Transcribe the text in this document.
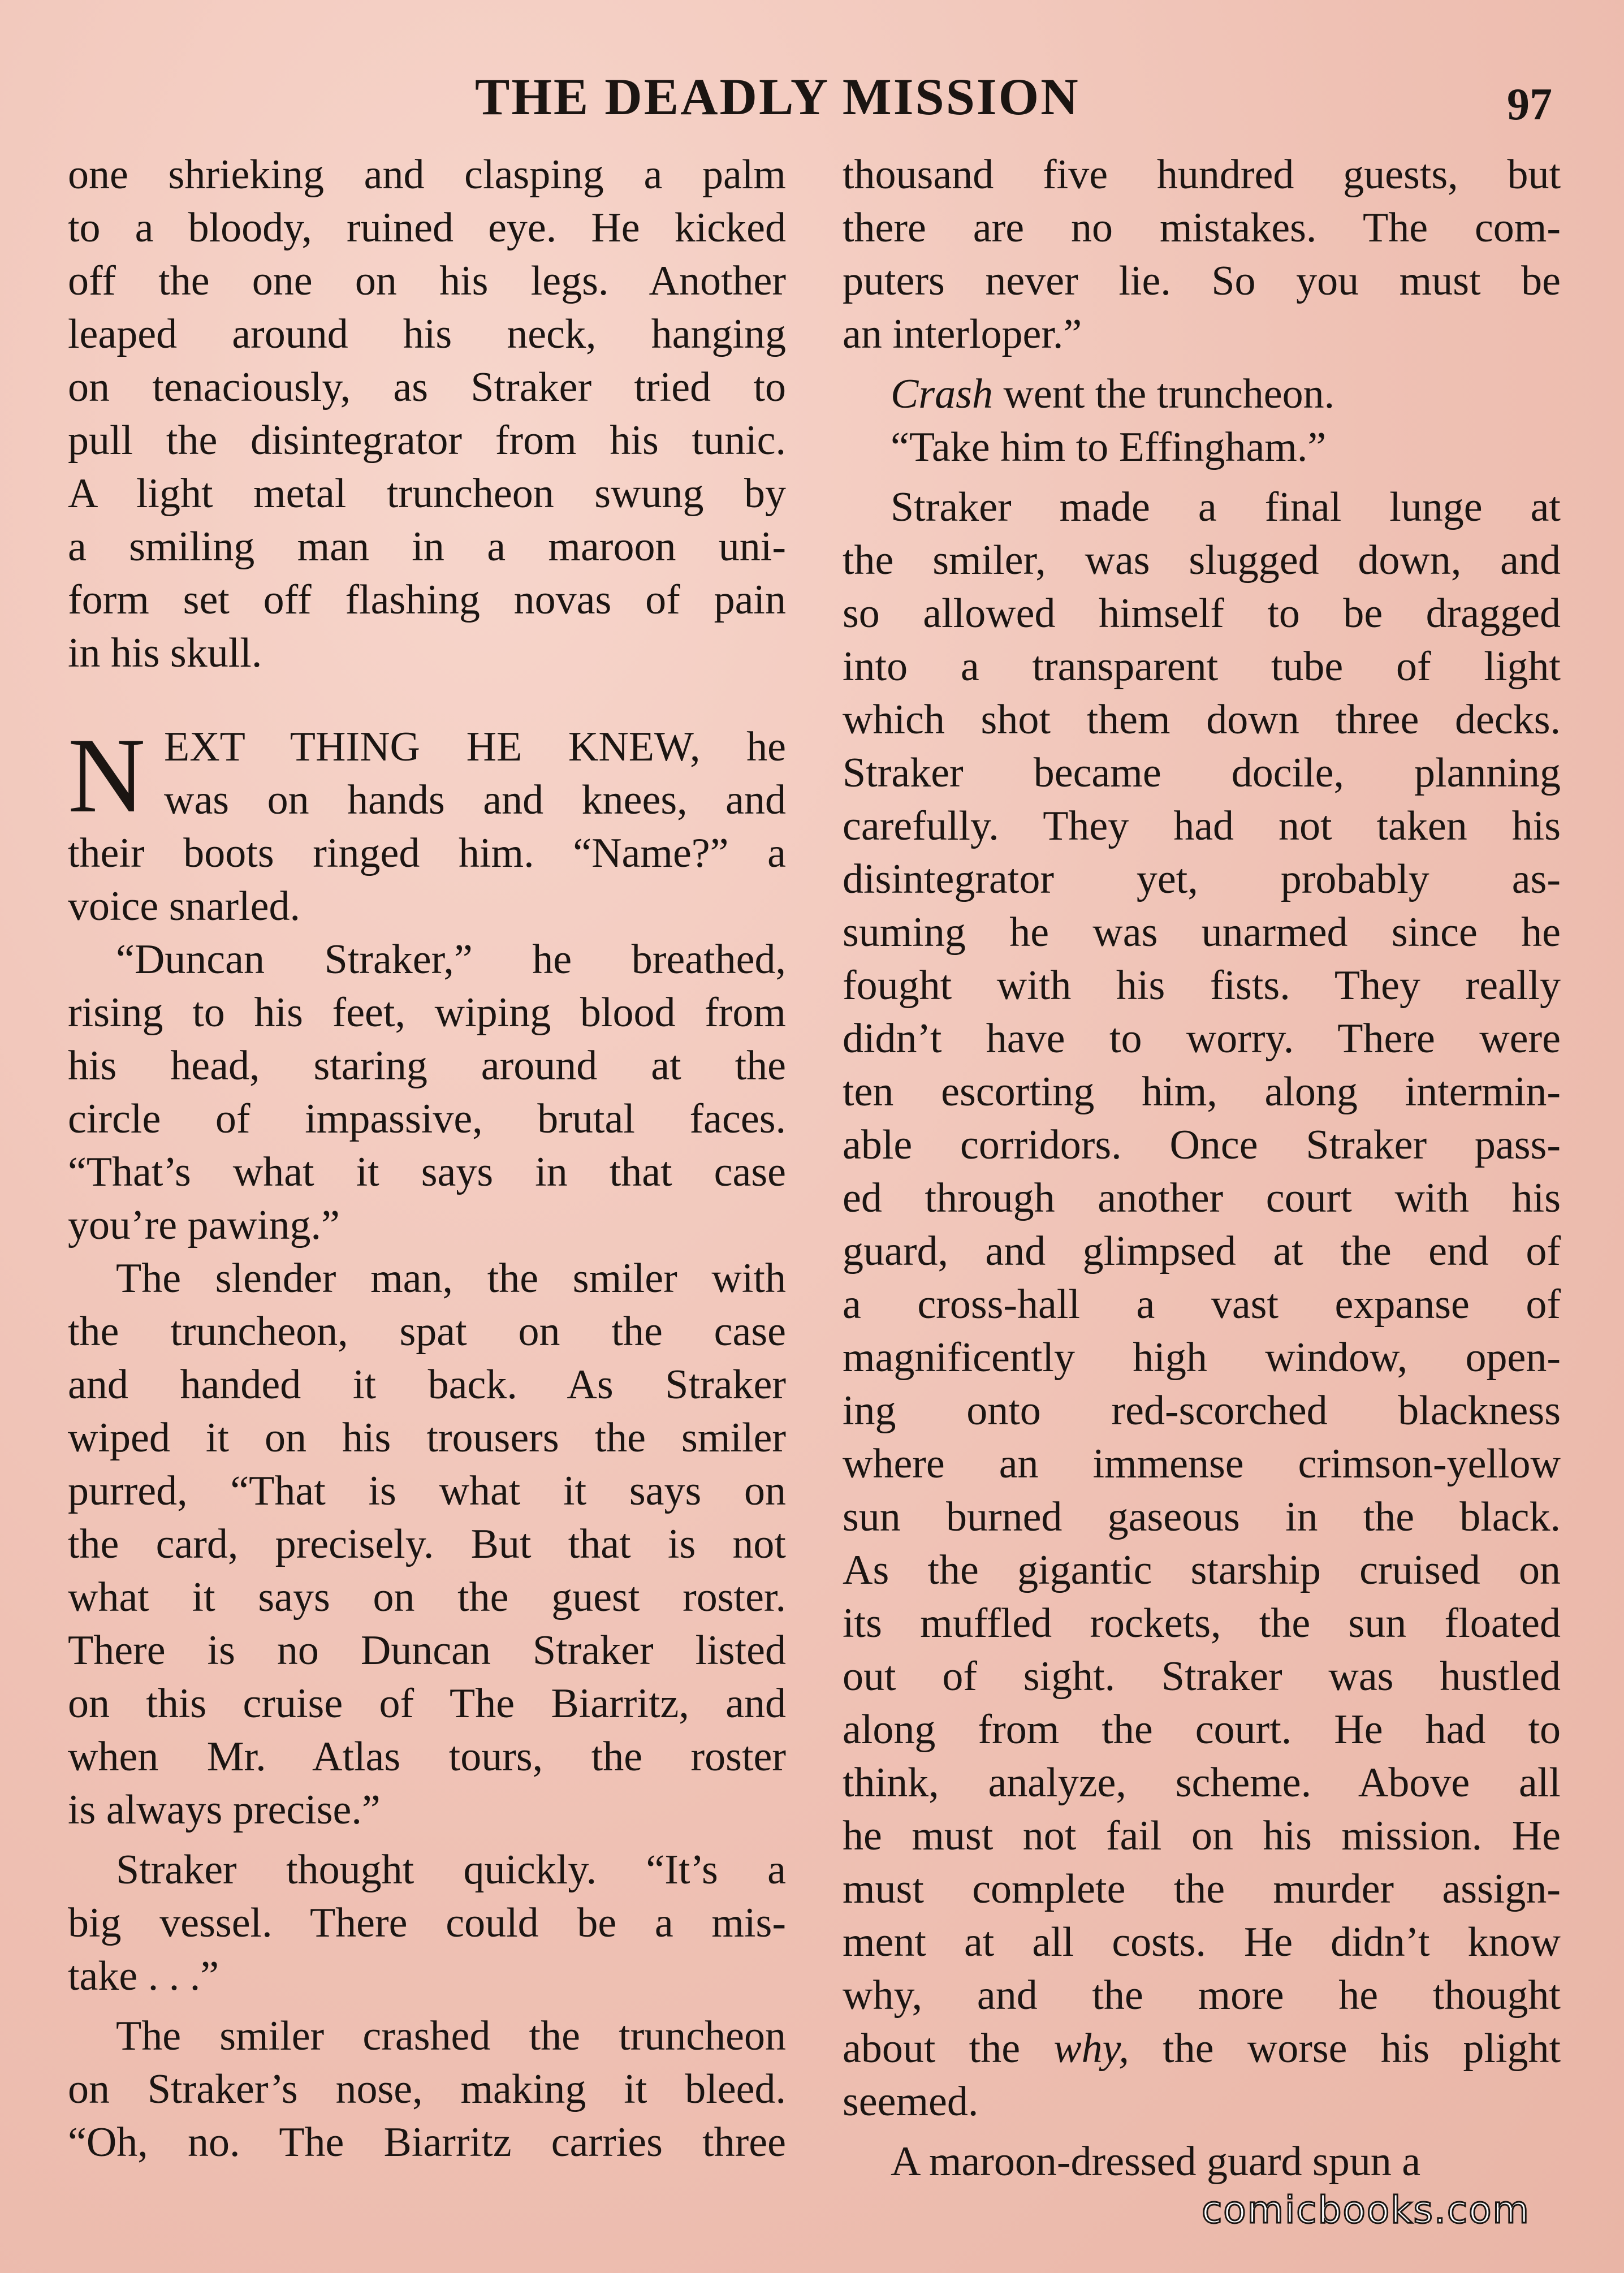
THE DEADLY MISSION	97
one shrieking and clasping a palm
to a bloody, ruined eye. He kicked
off the one on his legs. Another
leaped around his neck, hanging
on tenaciously, as Straker tried to
pull the disintegrator from his tunic.
A light metal truncheon swung by
a smiling man in a maroon uni-
form set off flashing novas of pain
in his skull.
N EXT THING HE KNEW, he
was on hands and knees, and
their boots ringed him. “Name?” a
voice snarled.
“Duncan Straker,” he breathed,
rising to his feet, wiping blood from
his head, staring around at the
circle of impassive, brutal faces.
“That’s what it says in that case
you’re pawing.”
The slender man, the smiler with
the truncheon, spat on the case
and handed it back. As Straker
wiped it on his trousers the smiler
purred, “That is what it says on
the card, precisely. But that is not
what it says on the guest roster.
There is no Duncan Straker listed
on this cruise of The Biarritz, and
when Mr. Atlas tours, the roster
is always precise.”
Straker thought quickly. “It’s a
big vessel. There could be a mis-
take . . .”
The smiler crashed the truncheon
on Straker’s nose, making it bleed.
“Oh, no. The Biarritz carries three
thousand five hundred guests, but
there are no mistakes. The com-
puters never lie. So you must be
an interloper.”
Crash went the truncheon.
“Take him to Effingham.”
Straker made a final lunge at
the smiler, was slugged down, and
so allowed himself to be dragged
into a transparent tube of light
which shot them down three decks.
Straker became docile, planning
carefully. They had not taken his
disintegrator yet, probably as-
suming he was unarmed since he
fought with his fists. They really
didn’t have to worry. There were
ten escorting him, along intermin-
able corridors. Once Straker pass-
ed through another court with his
guard, and glimpsed at the end of
a cross-hall a vast expanse of
magnificently high window, open-
ing onto red-scorched blackness
where an immense crimson-yellow
sun burned gaseous in the black.
As the gigantic starship cruised on
its muffled rockets, the sun floated
out of sight. Straker was hustled
along from the court. He had to
think, analyze, scheme. Above all
he must not fail on his mission. He
must complete the murder assign-
ment at all costs. He didn’t know
why, and the more he thought
about the why, the worse his plight
seemed.
A maroon-dressed guard spun a
comicbooks.com
